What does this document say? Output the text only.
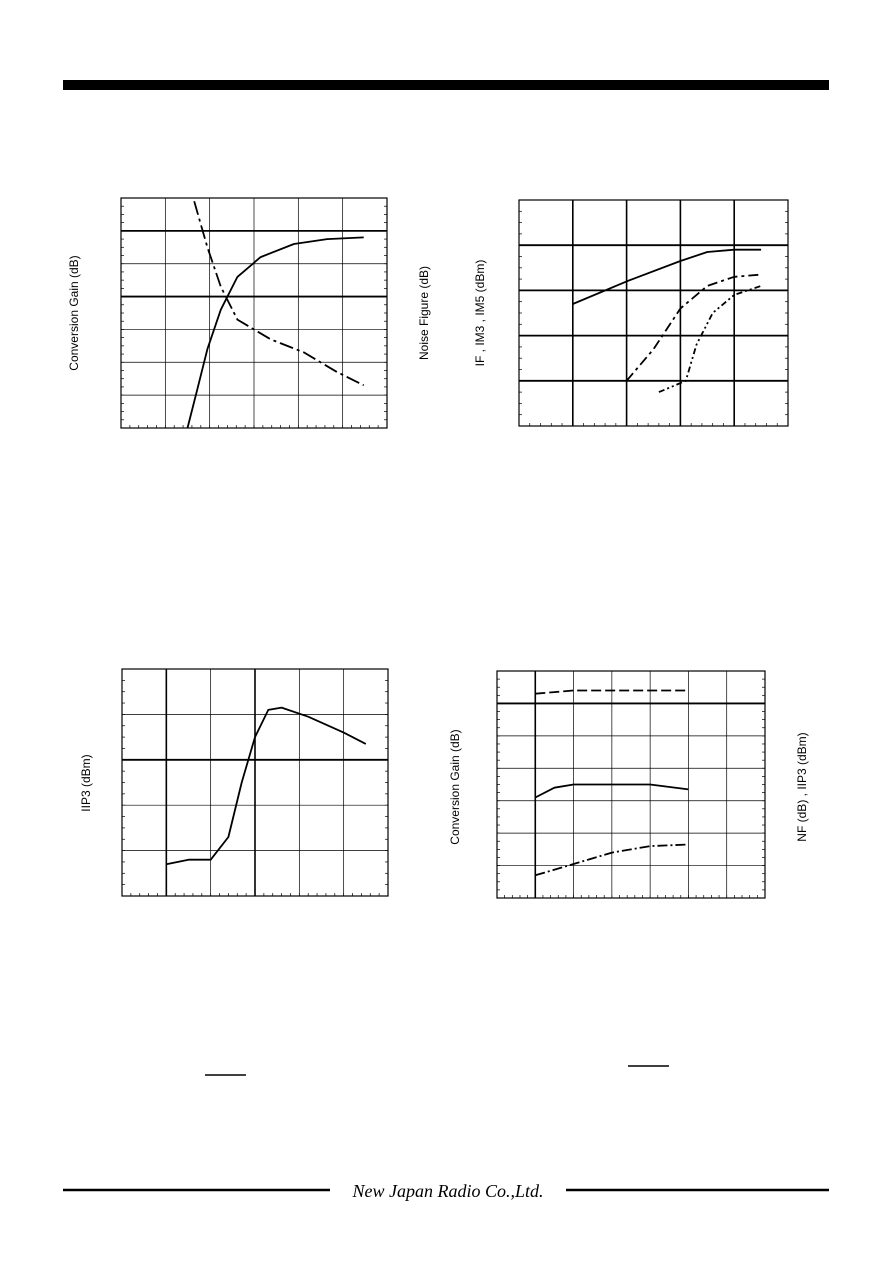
Conversion Gain (dB)	Noise Figure (dB)	IF , IM3 , IM5 (dBm)
IIP3 (dBm)	Conversion Gain (dB)	NF (dB) , IIP3 (dBm)
New Japan Radio Co.,Ltd.
